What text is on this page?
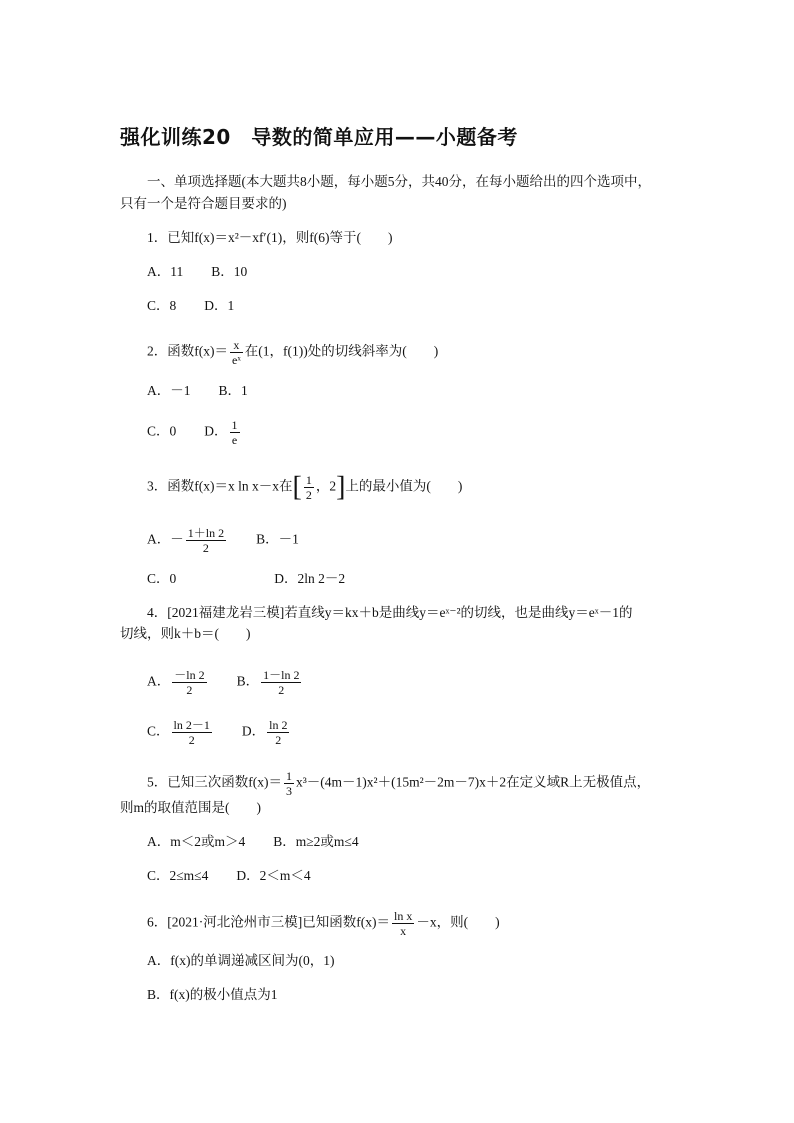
强化训练20　导数的简单应用——小题备考
一、单项选择题(本大题共8小题，每小题5分，共40分，在每小题给出的四个选项中，
只有一个是符合题目要求的)
1．已知f(x)＝x²－xf′(1)，则f(6)等于(　　)
A．11 B．10
C．8 D．1
2．函数$f(x)= \frac{x}{\text{eˣ}}$ 在(1，f(1))处的切线斜率为(　　)
A．－1 B．1
C．0 D． $\frac{1}{e}$
3．函数f(x)＝x ln x－x在[ $\frac{1}{2}$ ，2]上的最小值为(　　)
A．－ $\frac{1+\ln 2}{2}$ B．－1
C．0	D．2ln 2－2
4．[2021福建龙岩三模]若直线y＝kx＋b是曲线y＝eˣ⁻²的切线，也是曲线y＝eˣ－1的
切线，则k＋b＝(　　)
A． $\frac{-\ln 2}{2}$ B． $\frac{1-\ln 2}{2}$
C． $\frac{\ln 2-1}{2}$ D． $\frac{\ln 2}{2}$
5．已知三次函数$f(x)= \frac{1}{3} x^3-(4m-1)x^2+(15m^2-2m-7)x+2$在定义域R上无极值点，
则m的取值范围是(　　)
A．m＜2或m＞4 B．m≥2或m≤4
C．2≤m≤4 D．2＜m＜4
6．[2021·河北沧州市三模]已知函数$f(x)= \frac{\text{ln x}}{x} -x$，则(　　)
A．f(x)的单调递减区间为(0，1)
B．f(x)的极小值点为1
